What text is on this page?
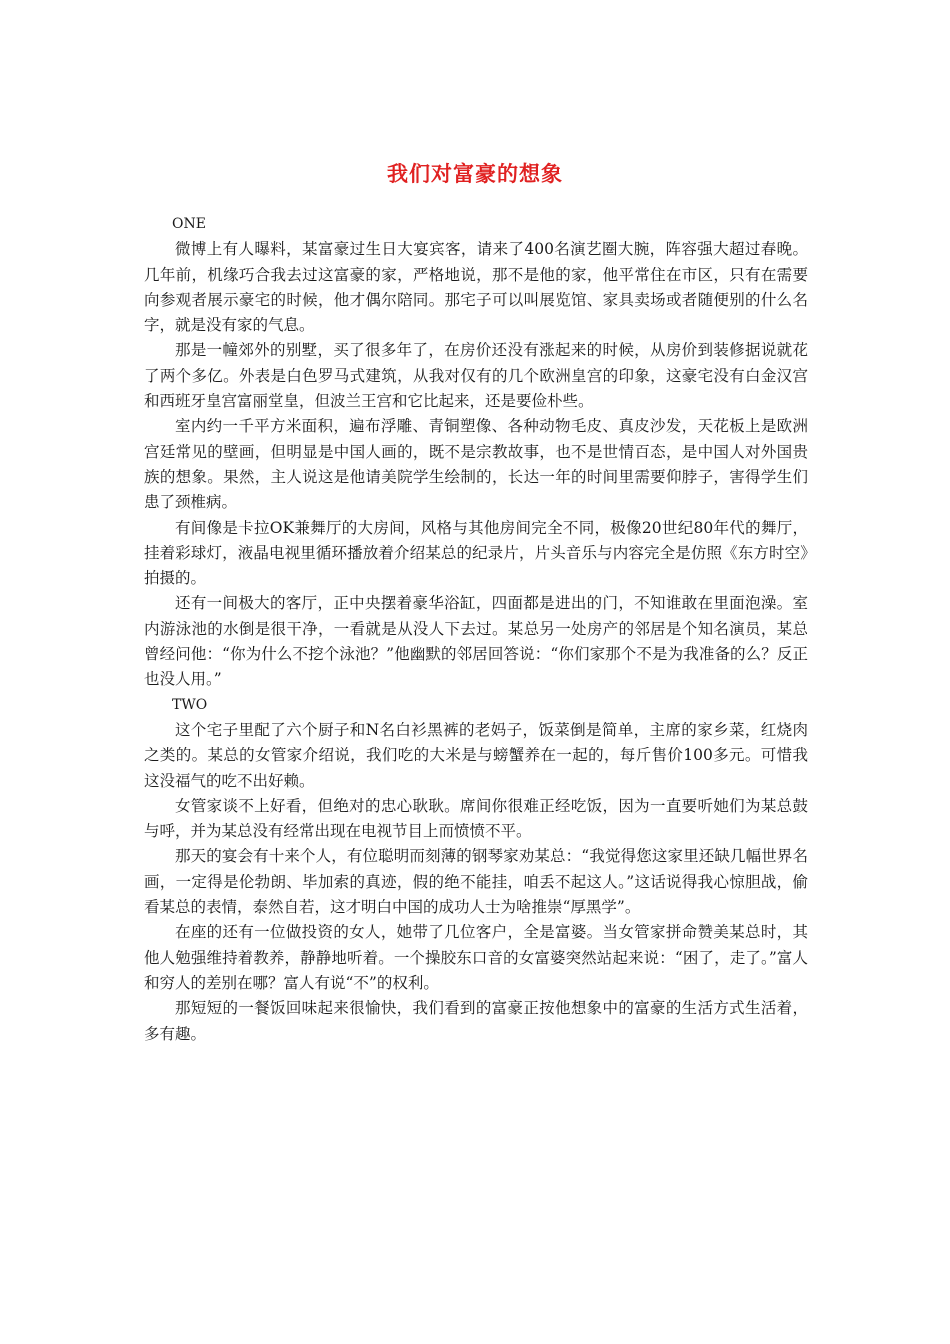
我们对富豪的想象

ONE

微博上有人曝料，某富豪过生日大宴宾客，请来了400名演艺圈大腕，阵容强大超过春晚。几年前，机缘巧合我去过这富豪的家，严格地说，那不是他的家，他平常住在市区，只有在需要向参观者展示豪宅的时候，他才偶尔陪同。那宅子可以叫展览馆、家具卖场或者随便别的什么名字，就是没有家的气息。

那是一幢郊外的别墅，买了很多年了，在房价还没有涨起来的时候，从房价到装修据说就花了两个多亿。外表是白色罗马式建筑，从我对仅有的几个欧洲皇宫的印象，这豪宅没有白金汉宫和西班牙皇宫富丽堂皇，但波兰王宫和它比起来，还是要俭朴些。

室内约一千平方米面积，遍布浮雕、青铜塑像、各种动物毛皮、真皮沙发，天花板上是欧洲宫廷常见的壁画，但明显是中国人画的，既不是宗教故事，也不是世情百态，是中国人对外国贵族的想象。果然，主人说这是他请美院学生绘制的，长达一年的时间里需要仰脖子，害得学生们患了颈椎病。

有间像是卡拉OK兼舞厅的大房间，风格与其他房间完全不同，极像20世纪80年代的舞厅，挂着彩球灯，液晶电视里循环播放着介绍某总的纪录片，片头音乐与内容完全是仿照《东方时空》拍摄的。

还有一间极大的客厅，正中央摆着豪华浴缸，四面都是进出的门，不知谁敢在里面泡澡。室内游泳池的水倒是很干净，一看就是从没人下去过。某总另一处房产的邻居是个知名演员，某总曾经问他：“你为什么不挖个泳池？”他幽默的邻居回答说：“你们家那个不是为我准备的么？反正也没人用。”

TWO

这个宅子里配了六个厨子和N名白衫黑裤的老妈子，饭菜倒是简单，主席的家乡菜，红烧肉之类的。某总的女管家介绍说，我们吃的大米是与螃蟹养在一起的，每斤售价100多元。可惜我这没福气的吃不出好赖。

女管家谈不上好看，但绝对的忠心耿耿。席间你很难正经吃饭，因为一直要听她们为某总鼓与呼，并为某总没有经常出现在电视节目上而愤愤不平。

那天的宴会有十来个人，有位聪明而刻薄的钢琴家劝某总：“我觉得您这家里还缺几幅世界名画，一定得是伦勃朗、毕加索的真迹，假的绝不能挂，咱丢不起这人。”这话说得我心惊胆战，偷看某总的表情，泰然自若，这才明白中国的成功人士为啥推崇“厚黑学”。

在座的还有一位做投资的女人，她带了几位客户，全是富婆。当女管家拼命赞美某总时，其他人勉强维持着教养，静静地听着。一个操胶东口音的女富婆突然站起来说：“困了，走了。”富人和穷人的差别在哪？富人有说“不”的权利。

那短短的一餐饭回味起来很愉快，我们看到的富豪正按他想象中的富豪的生活方式生活着，多有趣。
